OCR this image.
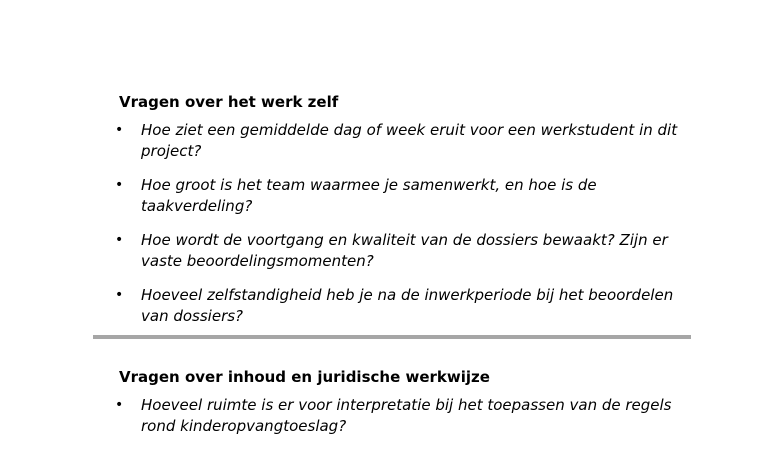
Vragen over het werk zelf
• Hoe ziet een gemiddelde dag of week eruit voor een werkstudent in dit project?
• Hoe groot is het team waarmee je samenwerkt, en hoe is de taakverdeling?
• Hoe wordt de voortgang en kwaliteit van de dossiers bewaakt? Zijn er vaste beoordelingsmomenten?
• Hoeveel zelfstandigheid heb je na de inwerkperiode bij het beoordelen van dossiers?
Vragen over inhoud en juridische werkwijze
• Hoeveel ruimte is er voor interpretatie bij het toepassen van de regels rond kinderopvangtoeslag?
